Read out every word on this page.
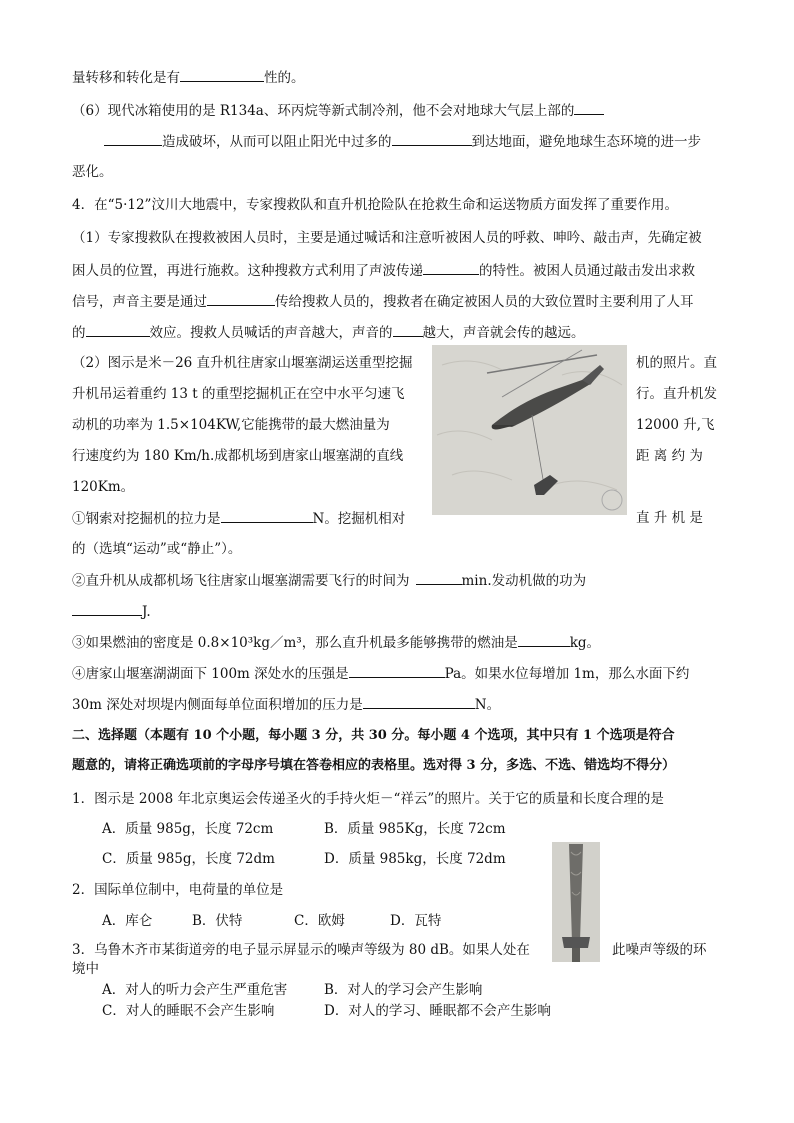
量转移和转化是有	性的。
（6）现代冰箱使用的是 R134a、环丙烷等新式制冷剂，他不会对地球大气层上部的
造成破坏，从而可以阻止阳光中过多的	到达地面，避免地球生态环境的进一步
恶化。
4．在“5·12”汶川大地震中，专家搜救队和直升机抢险队在抢救生命和运送物质方面发挥了重要作用。
（1）专家搜救队在搜救被困人员时，主要是通过喊话和注意听被困人员的呼救、呻吟、敲击声，先确定被
困人员的位置，再进行施救。这种搜救方式利用了声波传递	的特性。被困人员通过敲击发出求救
信号，声音主要是通过	传给搜救人员的，搜救者在确定被困人员的大致位置时主要利用了人耳
的	效应。搜救人员喊话的声音越大，声音的 越大，声音就会传的越远。
（2）图示是米－26 直升机往唐家山堰塞湖运送重型挖掘	机的照片。直
升机吊运着重约 13 t 的重型挖掘机正在空中水平匀速飞	行。直升机发
动机的功率为 1.5×104KW,它能携带的最大燃油量为	12000 升,飞
行速度约为 180 Km/h.成都机场到唐家山堰塞湖的直线	距 离 约 为
120Km。
①钢索对挖掘机的拉力是	N。挖掘机相对	直 升 机 是
的（选填“运动”或“静止”）。
②直升机从成都机场飞往唐家山堰塞湖需要飞行的时间为	min.发动机做的功为
J.
③如果燃油的密度是 0.8×10³kg／m³，那么直升机最多能够携带的燃油是	kg。
④唐家山堰塞湖湖面下 100m 深处水的压强是	Pa。如果水位每增加 1m，那么水面下约
30m 深处对坝堤内侧面每单位面积增加的压力是	N。
二、选择题（本题有 10 个小题，每小题 3 分，共 30 分。每小题 4 个选项，其中只有 1 个选项是符合
题意的，请将正确选项前的字母序号填在答卷相应的表格里。选对得 3 分，多选、不选、错选均不得分）
1．图示是 2008 年北京奥运会传递圣火的手持火炬－“祥云”的照片。关于它的质量和长度合理的是
A．质量 985g，长度 72cm	B．质量 985Kg，长度 72cm
C．质量 985g，长度 72dm	D．质量 985kg，长度 72dm
2．国际单位制中，电荷量的单位是
A．库仑	B．伏特	C．欧姆	D．瓦特
3．乌鲁木齐市某街道旁的电子显示屏显示的噪声等级为 80 dB。如果人处在	此噪声等级的环
境中
A．对人的听力会产生严重危害	B．对人的学习会产生影响
C．对人的睡眠不会产生影响	D．对人的学习、睡眠都不会产生影响
